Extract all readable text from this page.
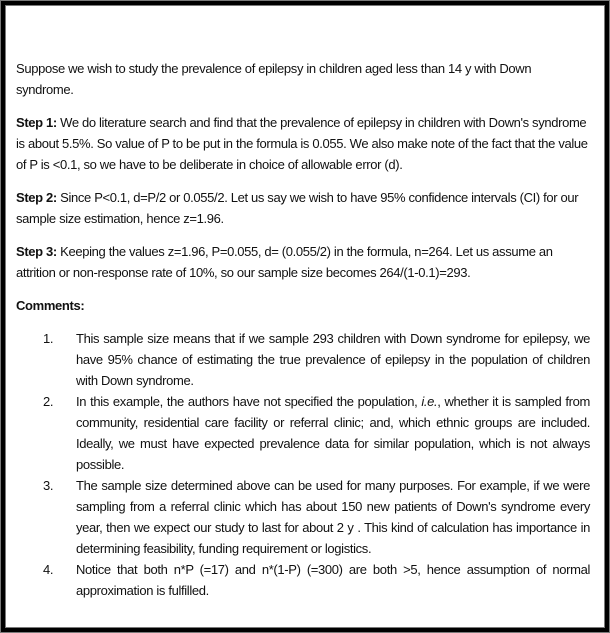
Suppose we wish to study the prevalence of epilepsy in children aged less than 14 y with Down syndrome.

Step 1: We do literature search and find that the prevalence of epilepsy in children with Down's syndrome is about 5.5%. So value of P to be put in the formula is 0.055. We also make note of the fact that the value of P is <0.1, so we have to be deliberate in choice of allowable error (d).

Step 2: Since P<0.1, d=P/2 or 0.055/2. Let us say we wish to have 95% confidence intervals (CI) for our sample size estimation, hence z=1.96.

Step 3: Keeping the values z=1.96, P=0.055, d= (0.055/2) in the formula, n=264. Let us assume an attrition or non-response rate of 10%, so our sample size becomes 264/(1-0.1)=293.

Comments:
1. This sample size means that if we sample 293 children with Down syndrome for epilepsy, we have 95% chance of estimating the true prevalence of epilepsy in the population of children with Down syndrome.
2. In this example, the authors have not specified the population, i.e., whether it is sampled from community, residential care facility or referral clinic; and, which ethnic groups are included. Ideally, we must have expected prevalence data for similar population, which is not always possible.
3. The sample size determined above can be used for many purposes. For example, if we were sampling from a referral clinic which has about 150 new patients of Down's syndrome every year, then we expect our study to last for about 2 y . This kind of calculation has importance in determining feasibility, funding requirement or logistics.
4. Notice that both n*P (=17) and n*(1-P) (=300) are both >5, hence assumption of normal approximation is fulfilled.
